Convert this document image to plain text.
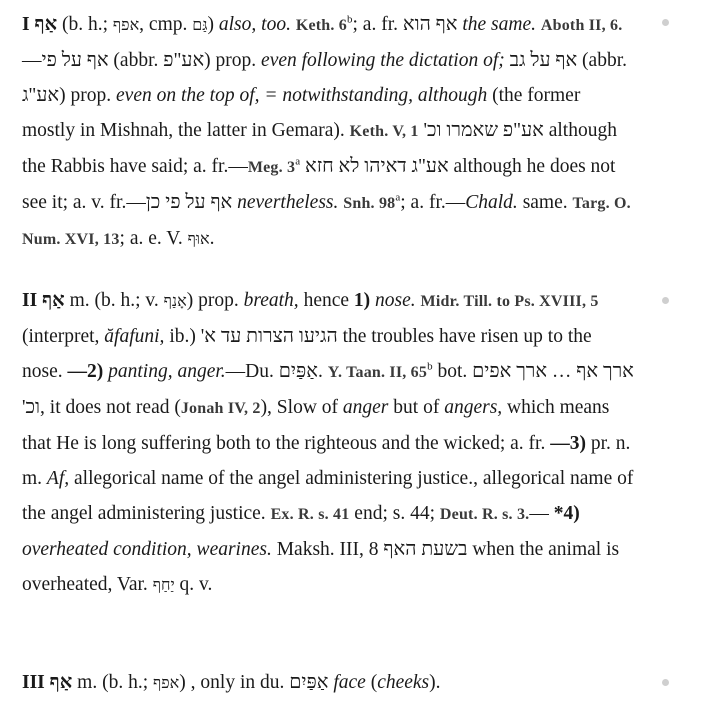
I אַף (b. h.; אפף, cmp. גַּם) also, too. Keth. 6$^b$; a. fr. אף הוא the same. Aboth II, 6.—אף על פי (abbr. אע"פ) prop. even following the dictation of; אף על גב (abbr. אע"ג) prop. even on the top of, = notwithstanding, although (the former mostly in Mishnah, the latter in Gemara). Keth. V, 1 אע"פ שאמרו וכ' although the Rabbis have said; a. fr.—Meg. 3$^a$ אע"ג דאיהו לא חזא although he does not see it; a. v. fr.—אף על פי כן nevertheless. Snh. 98$^a$; a. fr.—Chald. same. Targ. O. Num. XVI, 13; a. e. V. אוּף.
II אַף m. (b. h.; v. אָנַף) prop. breath, hence 1) nose. Midr. Till. to Ps. XVIII, 5 (interpret, ăfafuni, ib.) הגיעו הצרות עד א' the troubles have risen up to the nose. —2) panting, anger.—Du. אַפַּיִם. Y. Taan. II, 65$^b$ bot. ארך אף … ארך אפים וכ', it does not read (Jonah IV, 2), Slow of anger but of angers, which means that He is long suffering both to the righteous and the wicked; a. fr. —3) pr. n. m. Af, allegorical name of the angel administering justice., allegorical name of the angel administering justice. Ex. R. s. 41 end; s. 44; Deut. R. s. 3.— *4) overheated condition, wearines. Maksh. III, 8 בשעת האף when the animal is overheated, Var. יַחַף q. v.
III אַף m. (b. h.; אפף) , only in du. אַפַּיִם face (cheeks).
